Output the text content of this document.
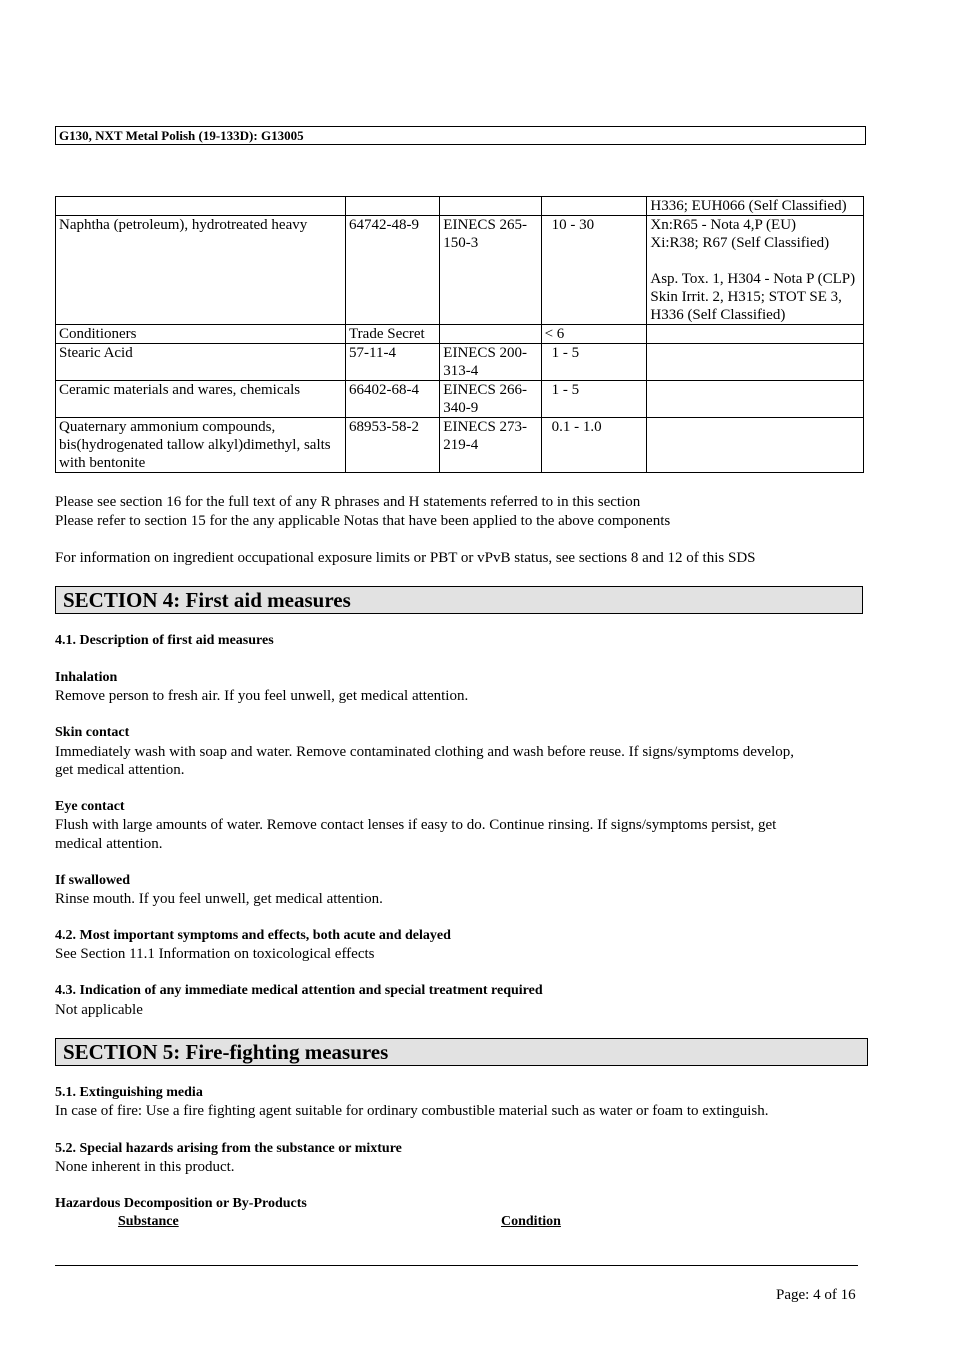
G130, NXT Metal Polish (19-133D): G13005
				H336; EUH066 (Self Classified)
Naphtha (petroleum), hydrotreated heavy	64742-48-9	EINECS 265-150-3	10 - 30	Xn:R65 - Nota 4,P (EU)
Xi:R38; R67 (Self Classified)
Asp. Tox. 1, H304 - Nota P (CLP)
Skin Irrit. 2, H315; STOT SE 3, H336 (Self Classified)

Conditioners	Trade Secret		< 6	
Stearic Acid	57-11-4	EINECS 200-313-4	1 - 5	
Ceramic materials and wares, chemicals	66402-68-4	EINECS 266-340-9	1 - 5	
Quaternary ammonium compounds, bis(hydrogenated tallow alkyl)dimethyl, salts with bentonite	68953-58-2	EINECS 273-219-4	0.1 - 1.0	
Please see section 16 for the full text of any R phrases and H statements referred to in this section
Please refer to section 15 for the any applicable Notas that have been applied to the above components
For information on ingredient occupational exposure limits or PBT or vPvB status, see sections 8 and 12 of this SDS
SECTION 4: First aid measures
4.1. Description of first aid measures
Inhalation
Remove person to fresh air. If you feel unwell, get medical attention.
Skin contact
Immediately wash with soap and water. Remove contaminated clothing and wash before reuse. If signs/symptoms develop,
get medical attention.
Eye contact
Flush with large amounts of water. Remove contact lenses if easy to do. Continue rinsing. If signs/symptoms persist, get
medical attention.
If swallowed
Rinse mouth. If you feel unwell, get medical attention.
4.2. Most important symptoms and effects, both acute and delayed
See Section 11.1 Information on toxicological effects
4.3. Indication of any immediate medical attention and special treatment required
Not applicable
SECTION 5: Fire-fighting measures
5.1. Extinguishing media
In case of fire: Use a fire fighting agent suitable for ordinary combustible material such as water or foam to extinguish.
5.2. Special hazards arising from the substance or mixture
None inherent in this product.
Hazardous Decomposition or By-Products
Substance	Condition
Page: 4 of 16
